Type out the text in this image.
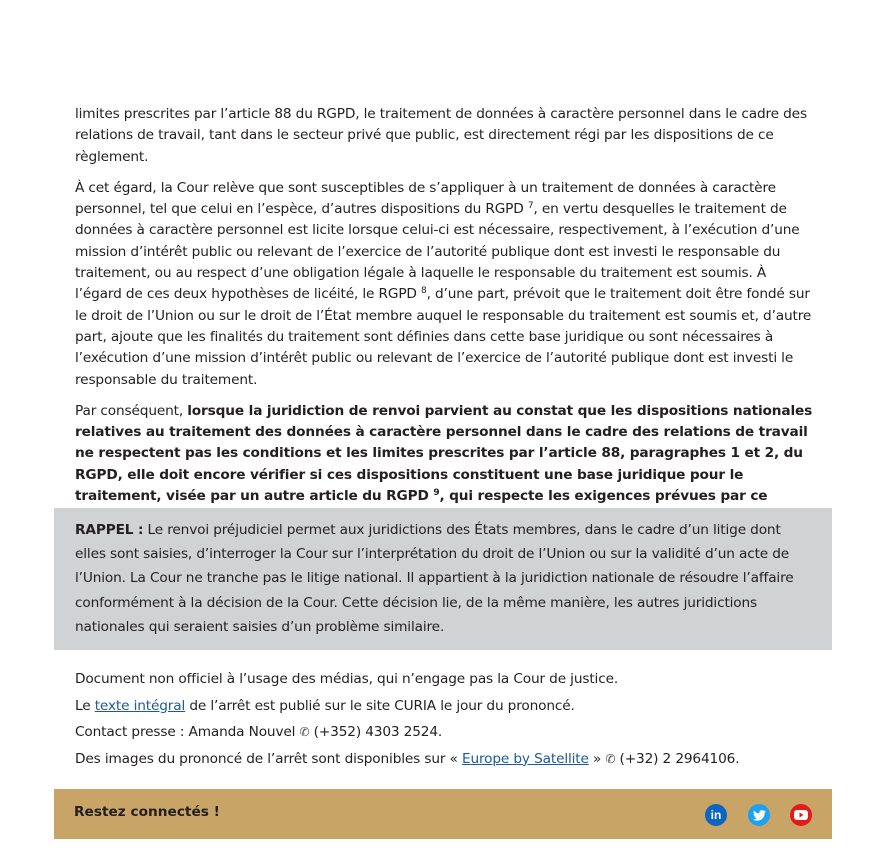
limites prescrites par l’article 88 du RGPD, le traitement de données à caractère personnel dans le cadre des relations de travail, tant dans le secteur privé que public, est directement régi par les dispositions de ce règlement.

À cet égard, la Cour relève que sont susceptibles de s’appliquer à un traitement de données à caractère personnel, tel que celui en l’espèce, d’autres dispositions du RGPD $^7$, en vertu desquelles le traitement de données à caractère personnel est licite lorsque celui-ci est nécessaire, respectivement, à l’exécution d’une mission d’intérêt public ou relevant de l’exercice de l’autorité publique dont est investi le responsable du traitement, ou au respect d’une obligation légale à laquelle le responsable du traitement est soumis. À l’égard de ces deux hypothèses de licéité, le RGPD $^8$, d’une part, prévoit que le traitement doit être fondé sur le droit de l’Union ou sur le droit de l’État membre auquel le responsable du traitement est soumis et, d’autre part, ajoute que les finalités du traitement sont définies dans cette base juridique ou sont nécessaires à l’exécution d’une mission d’intérêt public ou relevant de l’exercice de l’autorité publique dont est investi le responsable du traitement.

Par conséquent, lorsque la juridiction de renvoi parvient au constat que les dispositions nationales relatives au traitement des données à caractère personnel dans le cadre des relations de travail ne respectent pas les conditions et les limites prescrites par l’article 88, paragraphes 1 et 2, du RGPD, elle doit encore vérifier si ces dispositions constituent une base juridique pour le traitement, visée par un autre article du RGPD $^9$, qui respecte les exigences prévues par ce

RAPPEL : Le renvoi préjudiciel permet aux juridictions des États membres, dans le cadre d’un litige dont elles sont saisies, d’interroger la Cour sur l’interprétation du droit de l’Union ou sur la validité d’un acte de l’Union. La Cour ne tranche pas le litige national. Il appartient à la juridiction nationale de résoudre l’affaire conformément à la décision de la Cour. Cette décision lie, de la même manière, les autres juridictions nationales qui seraient saisies d’un problème similaire.

Document non officiel à l’usage des médias, qui n’engage pas la Cour de justice.

Le texte intégral de l’arrêt est publié sur le site CURIA le jour du prononcé.

Contact presse : Amanda Nouvel ✆ (+352) 4303 2524.

Des images du prononcé de l’arrêt sont disponibles sur « Europe by Satellite » ✆ (+32) 2 2964106.

Restez connectés !	in
